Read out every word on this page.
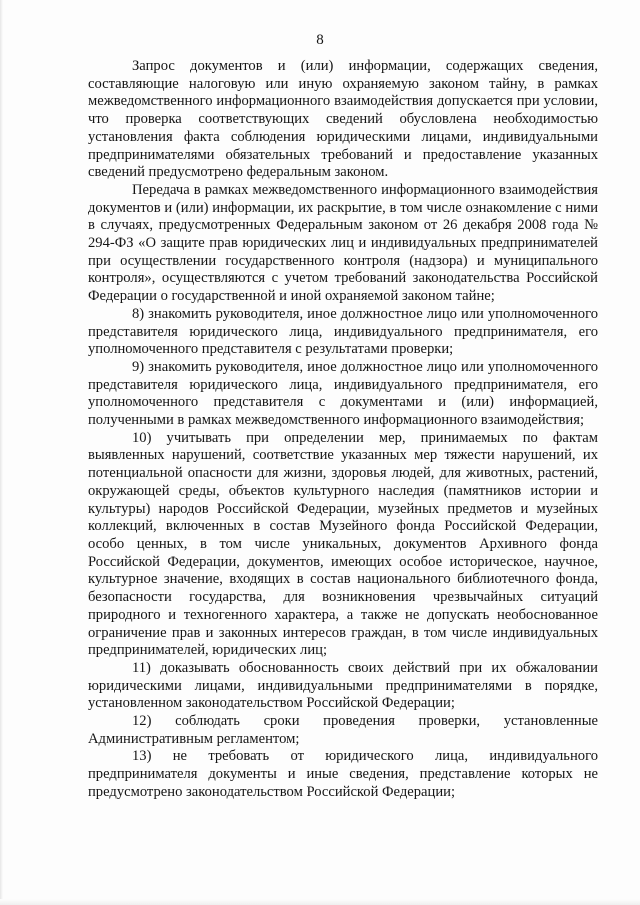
8

Запрос документов и (или) информации, содержащих сведения, составляющие налоговую или иную охраняемую законом тайну, в рамках межведомственного информационного взаимодействия допускается при условии, что проверка соответствующих сведений обусловлена необходимостью установления факта соблюдения юридическими лицами, индивидуальными предпринимателями обязательных требований и предоставление указанных сведений предусмотрено федеральным законом.

Передача в рамках межведомственного информационного взаимодействия документов и (или) информации, их раскрытие, в том числе ознакомление с ними в случаях, предусмотренных Федеральным законом от 26 декабря 2008 года № 294-ФЗ «О защите прав юридических лиц и индивидуальных предпринимателей при осуществлении государственного контроля (надзора) и муниципального контроля», осуществляются с учетом требований законодательства Российской Федерации о государственной и иной охраняемой законом тайне;

8) знакомить руководителя, иное должностное лицо или уполномоченного представителя юридического лица, индивидуального предпринимателя, его уполномоченного представителя с результатами проверки;

9) знакомить руководителя, иное должностное лицо или уполномоченного представителя юридического лица, индивидуального предпринимателя, его уполномоченного представителя с документами и (или) информацией, полученными в рамках межведомственного информационного взаимодействия;

10) учитывать при определении мер, принимаемых по фактам выявленных нарушений, соответствие указанных мер тяжести нарушений, их потенциальной опасности для жизни, здоровья людей, для животных, растений, окружающей среды, объектов культурного наследия (памятников истории и культуры) народов Российской Федерации, музейных предметов и музейных коллекций, включенных в состав Музейного фонда Российской Федерации, особо ценных, в том числе уникальных, документов Архивного фонда Российской Федерации, документов, имеющих особое историческое, научное, культурное значение, входящих в состав национального библиотечного фонда, безопасности государства, для возникновения чрезвычайных ситуаций природного и техногенного характера, а также не допускать необоснованное ограничение прав и законных интересов граждан, в том числе индивидуальных предпринимателей, юридических лиц;

11) доказывать обоснованность своих действий при их обжаловании юридическими лицами, индивидуальными предпринимателями в порядке, установленном законодательством Российской Федерации;

12) соблюдать сроки проведения проверки, установленные Административным регламентом;

13) не требовать от юридического лица, индивидуального предпринимателя документы и иные сведения, представление которых не предусмотрено законодательством Российской Федерации;
